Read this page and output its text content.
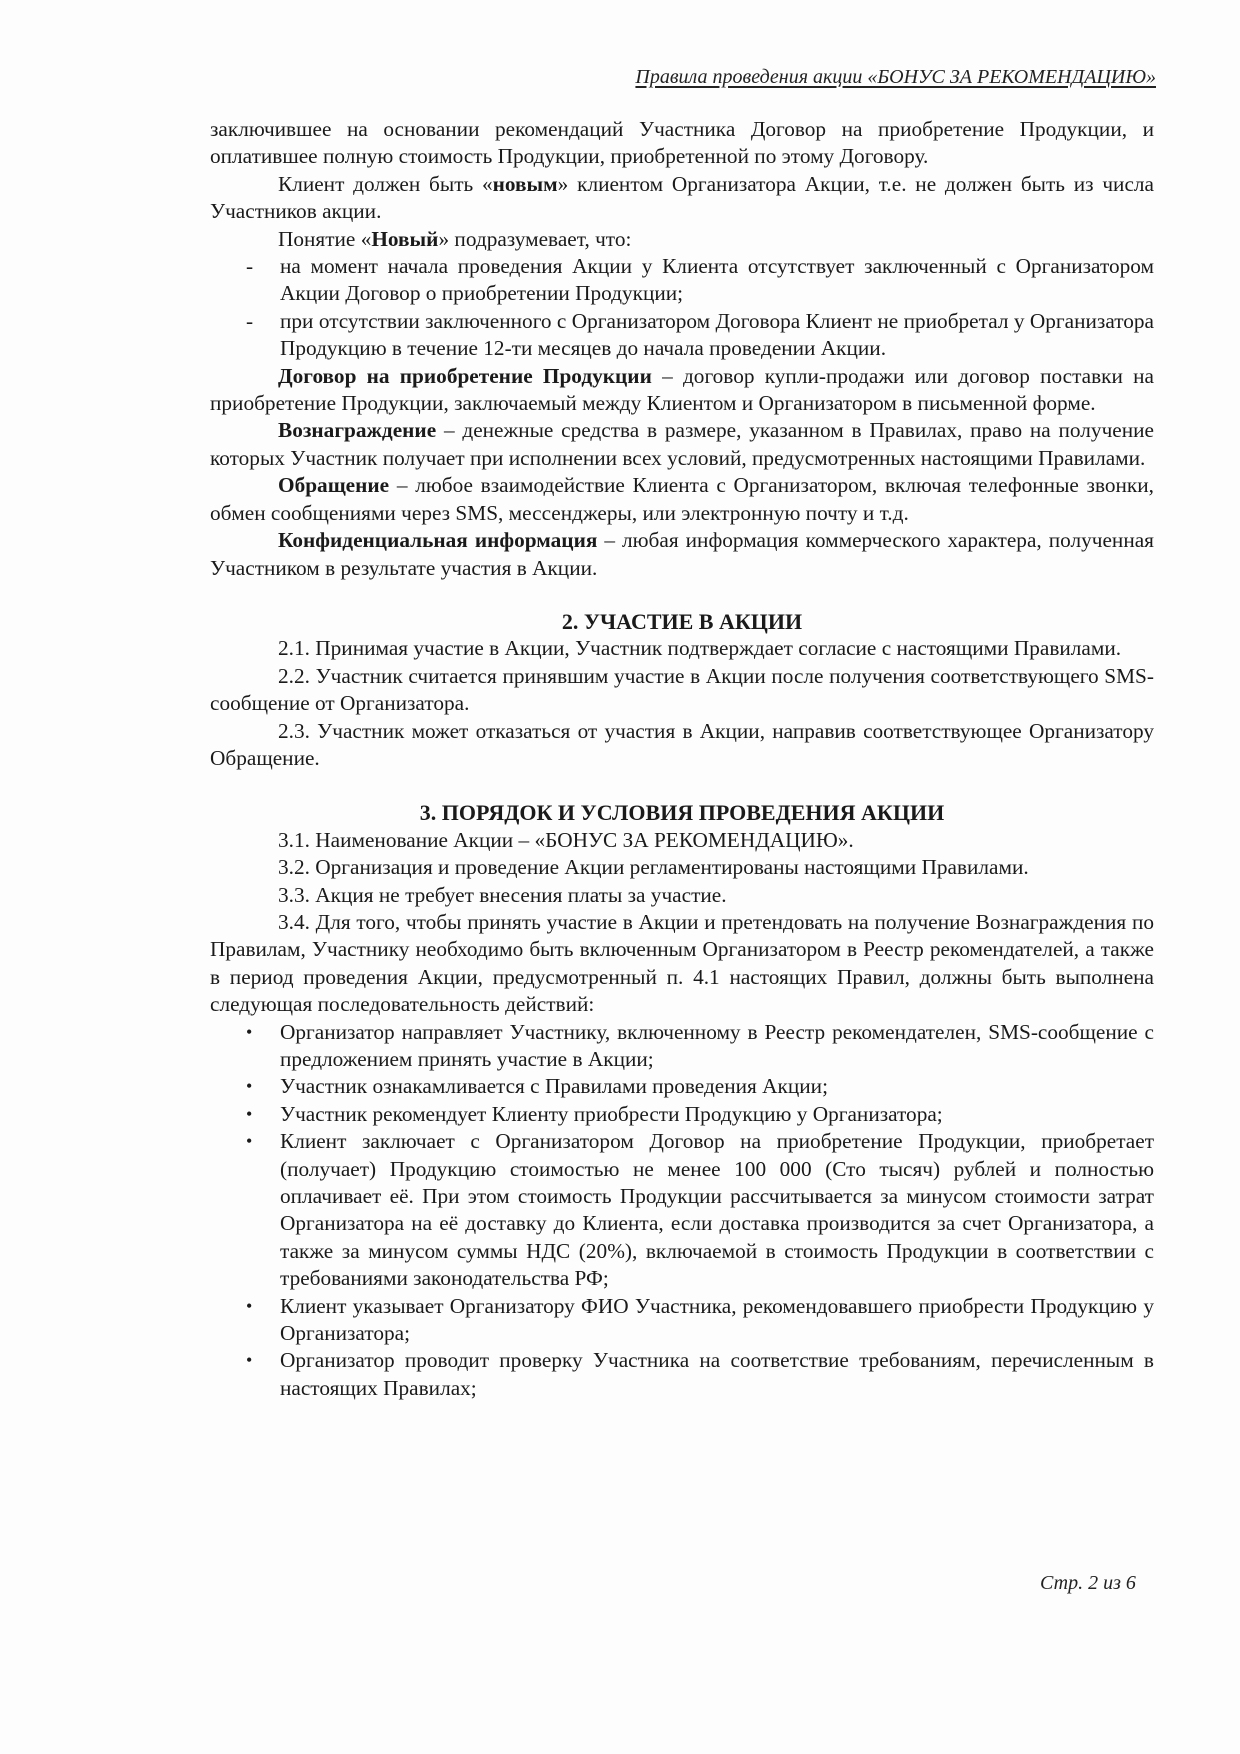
Правила проведения акции «БОНУС ЗА РЕКОМЕНДАЦИЮ»

заключившее на основании рекомендаций Участника Договор на приобретение Продукции, и оплатившее полную стоимость Продукции, приобретенной по этому Договору.

Клиент должен быть «новым» клиентом Организатора Акции, т.е. не должен быть из числа Участников акции.

Понятие «Новый» подразумевает, что:

- на момент начала проведения Акции у Клиента отсутствует заключенный с Организатором Акции Договор о приобретении Продукции;
- при отсутствии заключенного с Организатором Договора Клиент не приобретал у Организатора Продукцию в течение 12-ти месяцев до начала проведении Акции.

Договор на приобретение Продукции – договор купли-продажи или договор поставки на приобретение Продукции, заключаемый между Клиентом и Организатором в письменной форме.

Вознаграждение – денежные средства в размере, указанном в Правилах, право на получение которых Участник получает при исполнении всех условий, предусмотренных настоящими Правилами.

Обращение – любое взаимодействие Клиента с Организатором, включая телефонные звонки, обмен сообщениями через SMS, мессенджеры, или электронную почту и т.д.

Конфиденциальная информация – любая информация коммерческого характера, полученная Участником в результате участия в Акции.

2. УЧАСТИЕ В АКЦИИ

2.1. Принимая участие в Акции, Участник подтверждает согласие с настоящими Правилами.

2.2. Участник считается принявшим участие в Акции после получения соответствующего SMS-сообщение от Организатора.

2.3. Участник может отказаться от участия в Акции, направив соответствующее Организатору Обращение.

3. ПОРЯДОК И УСЛОВИЯ ПРОВЕДЕНИЯ АКЦИИ

3.1. Наименование Акции – «БОНУС ЗА РЕКОМЕНДАЦИЮ».

3.2. Организация и проведение Акции регламентированы настоящими Правилами.

3.3. Акция не требует внесения платы за участие.

3.4. Для того, чтобы принять участие в Акции и претендовать на получение Вознаграждения по Правилам, Участнику необходимо быть включенным Организатором в Реестр рекомендателей, а также в период проведения Акции, предусмотренный п. 4.1 настоящих Правил, должны быть выполнена следующая последовательность действий:

• Организатор направляет Участнику, включенному в Реестр рекомендателен, SMS-сообщение с предложением принять участие в Акции;
• Участник ознакамливается с Правилами проведения Акции;
• Участник рекомендует Клиенту приобрести Продукцию у Организатора;
• Клиент заключает с Организатором Договор на приобретение Продукции, приобретает (получает) Продукцию стоимостью не менее 100 000 (Сто тысяч) рублей и полностью оплачивает её. При этом стоимость Продукции рассчитывается за минусом стоимости затрат Организатора на её доставку до Клиента, если доставка производится за счет Организатора, а также за минусом суммы НДС (20%), включаемой в стоимость Продукции в соответствии с требованиями законодательства РФ;
• Клиент указывает Организатору ФИО Участника, рекомендовавшего приобрести Продукцию у Организатора;
• Организатор проводит проверку Участника на соответствие требованиям, перечисленным в настоящих Правилах;
Стр. 2 из 6
